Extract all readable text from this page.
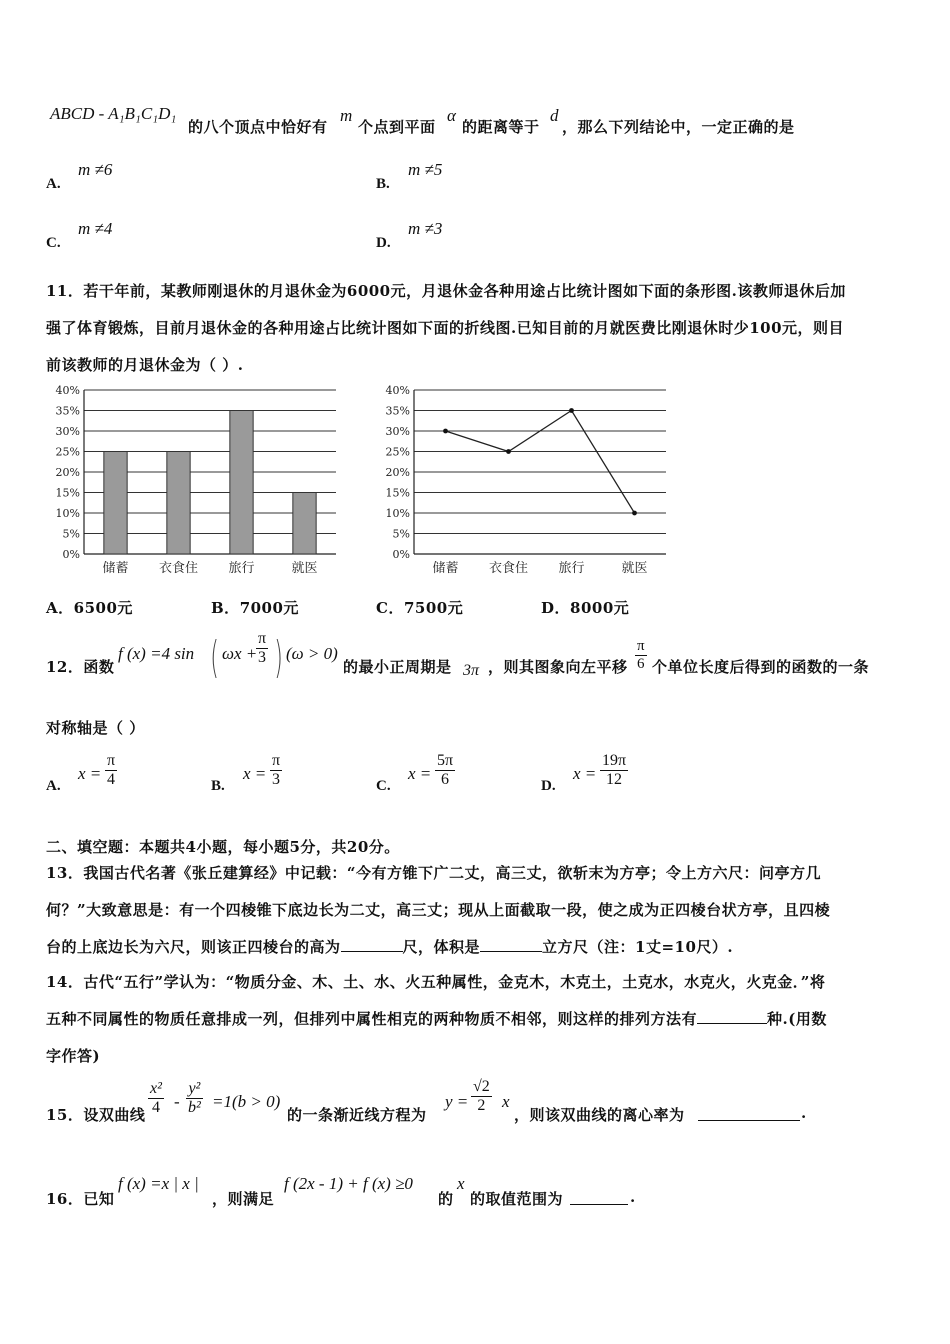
ABCD - A₁B₁C₁D₁
的八个顶点中恰好有
m
个点到平面
α
的距离等于
d
，那么下列结论中，一定正确的是
A.
m ≠6
B.
m ≠5
C.
m ≠4
D.
m ≠3
11．若干年前，某教师刚退休的月退休金为6000元，月退休金各种用途占比统计图如下面的条形图.该教师退休后加
强了体育锻炼，目前月退休金的各种用途占比统计图如下面的折线图.已知目前的月就医费比刚退休时少100元，则目
前该教师的月退休金为（ ）.
0%
5%
10%
15%
20%
25%
30%
35%
40%
储蓄 衣食住 旅行	就医
0%
5%
10%
15%
20%
25%
30%
35%
40%
储蓄 衣食住 旅行	就医
A．6500元	B．7000元	C．7500元	D．8000元
12．函数
f (x) =4 sin ( ωx +
$\frac{\pi}{3}$ ) (ω > 0)
的最小正周期是 3π ，则其图象向左平移 $\frac{\pi}{6}$ 个单位长度后得到的函数的一条
对称轴是（ ）
A.
$x = \frac{\pi}{4}$	B.
$x = \frac{\pi}{3}$	C.
$x = \frac{5\pi}{6}$	D.
$x = \frac{19\pi}{12}$
二、填空题：本题共4小题，每小题5分，共20分。
13．我国古代名著《张丘建算经》中记载：“今有方锥下广二丈，高三丈，欲斩末为方亭；令上方六尺：问亭方几
何？”大致意思是：有一个四棱锥下底边长为二丈，高三丈；现从上面截取一段，使之成为正四棱台状方亭，且四棱
台的上底边长为六尺，则该正四棱台的高为	尺，体积是	立方尺（注：1丈=10尺）.
14．古代“五行”学认为：“物质分金、木、土、水、火五种属性，金克木，木克土，土克水，水克火，火克金．”将
五种不同属性的物质任意排成一列，但排列中属性相克的两种物质不相邻，则这样的排列方法有	种.(用数
字作答)
15．设双曲线 $\frac{\text{x²}}{4} - \frac{\text{y²}}{\text{b²}} =1(b > 0)$
的一条渐近线方程为
$y = \frac{√2}{2}$ x
，则该双曲线的离心率为	.
16．已知
f (x) =x | x |
，则满足
f (2x - 1) + f (x) ≥0
的
x
的取值范围为	.
